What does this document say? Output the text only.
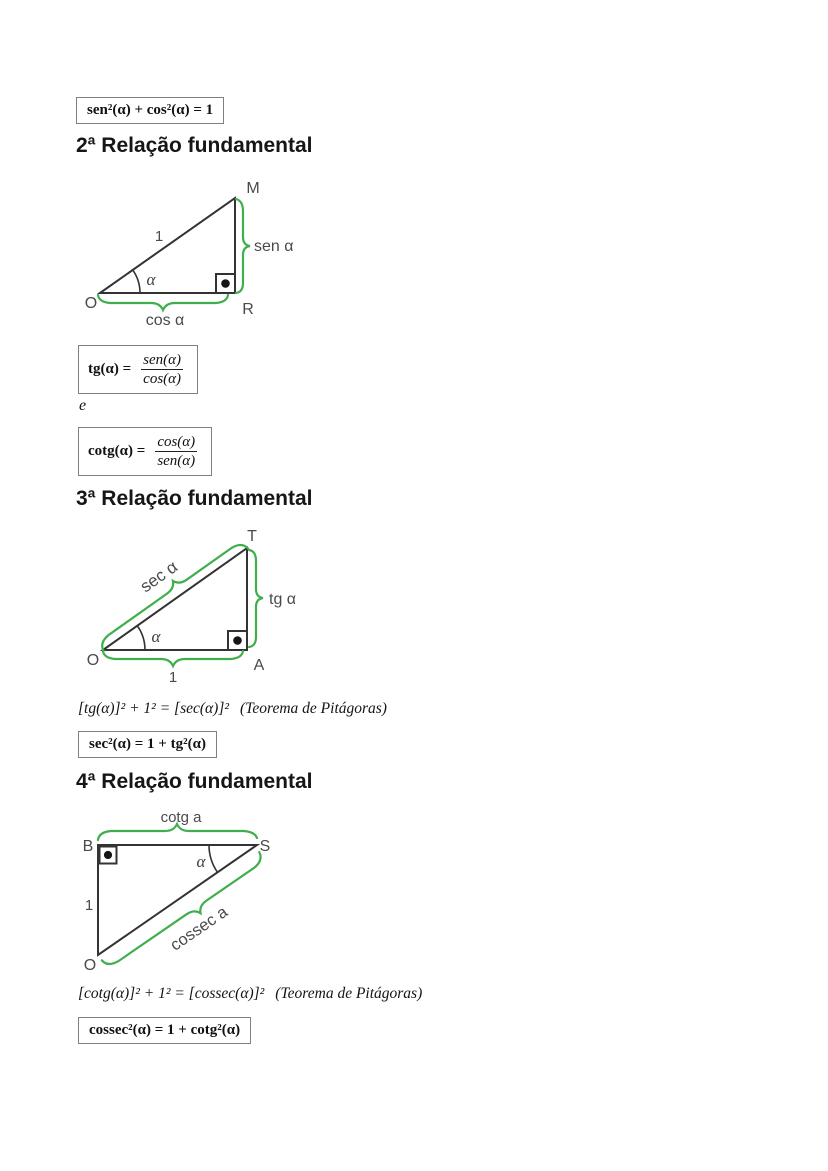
sen²(α) + cos²(α) = 1
2ª Relação fundamental
M
O	R
1
α
sen α
cos α
$tg(\alpha) = \frac{\text{sen(α)}}{\cos(\alpha)}$
e
$\cot g(\alpha) = \frac{\cos(\alpha)}{\text{sen(α)}}$
3ª Relação fundamental
sec α
T
O	A
α
tg α
1

[tg(α)]² + 1² = [sec(α)]² (Teorema de Pitágoras)

sec²(α) = 1 + tg²(α)
4ª Relação fundamental
cossec a
cotg a
B	S
O
1
α

[cotg(α)]² + 1² = [cossec(α)]² (Teorema de Pitágoras)

cossec²(α) = 1 + cotg²(α)
